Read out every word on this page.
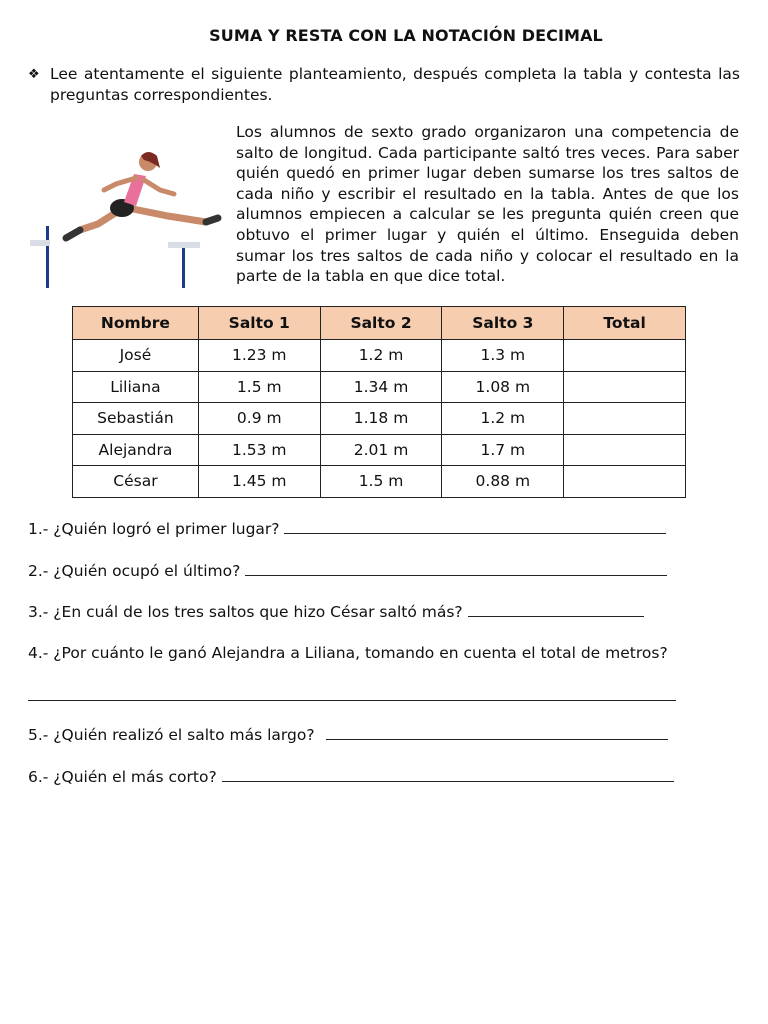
SUMA Y RESTA CON LA NOTACIÓN DECIMAL
❖ Lee atentamente el siguiente planteamiento, después completa la tabla y contesta las preguntas correspondientes.
Los alumnos de sexto grado organizaron una competencia de salto de longitud. Cada participante saltó tres veces. Para saber quién quedó en primer lugar deben sumarse los tres saltos de cada niño y escribir el resultado en la tabla. Antes de que los alumnos empiecen a calcular se les pregunta quién creen que obtuvo el primer lugar y quién el último. Enseguida deben sumar los tres saltos de cada niño y colocar el resultado en la parte de la tabla en que dice total.
Nombre	Salto 1	Salto 2	Salto 3	Total
José	1.23 m	1.2 m	1.3 m	
Liliana	1.5 m	1.34 m	1.08 m	
Sebastián	0.9 m	1.18 m	1.2 m	
Alejandra	1.53 m	2.01 m	1.7 m	
César	1.45 m	1.5 m	0.88 m	
1.- ¿Quién logró el primer lugar?
2.- ¿Quién ocupó el último?
3.- ¿En cuál de los tres saltos que hizo César saltó más?
4.- ¿Por cuánto le ganó Alejandra a Liliana, tomando en cuenta el total de metros?
5.- ¿Quién realizó el salto más largo?
6.- ¿Quién el más corto?
